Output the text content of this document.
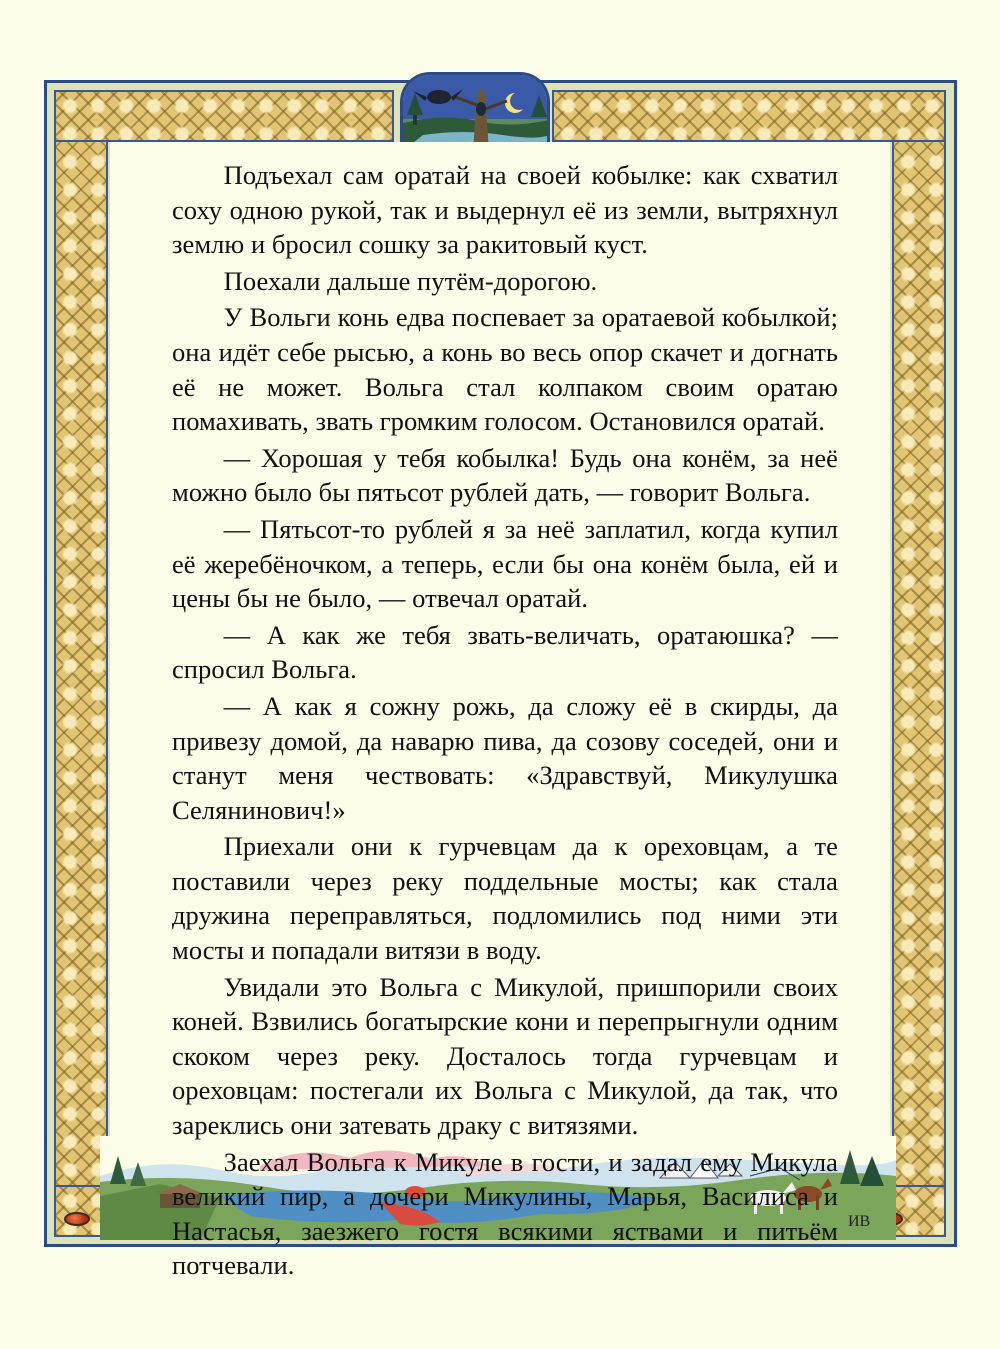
ИВ

Подъехал сам оратай на своей кобылке: как схватил соху одною рукой, так и выдернул её из земли, вытряхнул землю и бросил сошку за ракитовый куст.

Поехали дальше путём-дорогою.

У Вольги конь едва поспевает за оратаевой кобылкой; она идёт себе рысью, а конь во весь опор скачет и догнать её не может. Вольга стал колпаком своим оратаю помахивать, звать громким голосом. Остановился оратай.

— Хорошая у тебя кобылка! Будь она конём, за неё можно было бы пятьсот рублей дать, — говорит Вольга.

— Пятьсот-то рублей я за неё заплатил, когда купил её жеребёночком, а теперь, если бы она конём была, ей и цены бы не было, — отвечал оратай.

— А как же тебя звать-величать, оратаюшка? — спросил Вольга.

— А как я сожну рожь, да сложу её в скирды, да привезу домой, да наварю пива, да созову соседей, они и станут меня чествовать: «Здравствуй, Микулушка Селянинович!»

Приехали они к гурчевцам да к ореховцам, а те поставили через реку поддельные мосты; как стала дружина переправляться, подломились под ними эти мосты и попадали витязи в воду.

Увидали это Вольга с Микулой, пришпорили своих коней. Взвились богатырские кони и перепрыгнули одним скоком через реку. Досталось тогда гурчевцам и ореховцам: постегали их Вольга с Микулой, да так, что зареклись они затевать драку с витязями.

Заехал Вольга к Микуле в гости, и задал ему Микула великий пир, а дочери Микулины, Марья, Василиса и Настасья, заезжего гостя всякими яствами и питьём потчевали.
